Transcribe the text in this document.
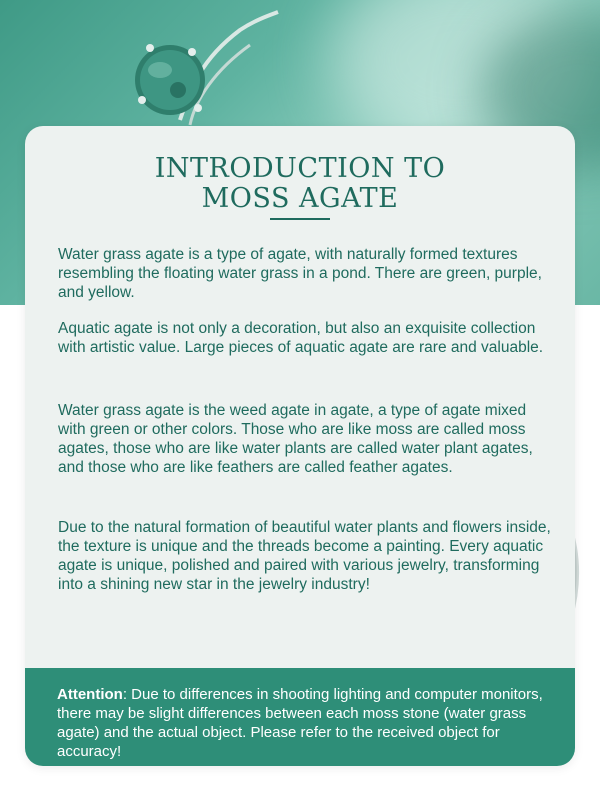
INTRODUCTION TO
MOSS AGATE

Water grass agate is a type of agate, with naturally formed textures resembling the floating water grass in a pond. There are green, purple, and yellow.

Aquatic agate is not only a decoration, but also an exquisite collection with artistic value. Large pieces of aquatic agate are rare and valuable.

Water grass agate is the weed agate in agate, a type of agate mixed with green or other colors. Those who are like moss are called moss agates, those who are like water plants are called water plant agates, and those who are like feathers are called feather agates.

Due to the natural formation of beautiful water plants and flowers inside, the texture is unique and the threads become a painting. Every aquatic agate is unique, polished and paired with various jewelry, transforming into a shining new star in the jewelry industry!

Attention: Due to differences in shooting lighting and computer monitors, there may be slight differences between each moss stone (water grass agate) and the actual object. Please refer to the received object for accuracy!
